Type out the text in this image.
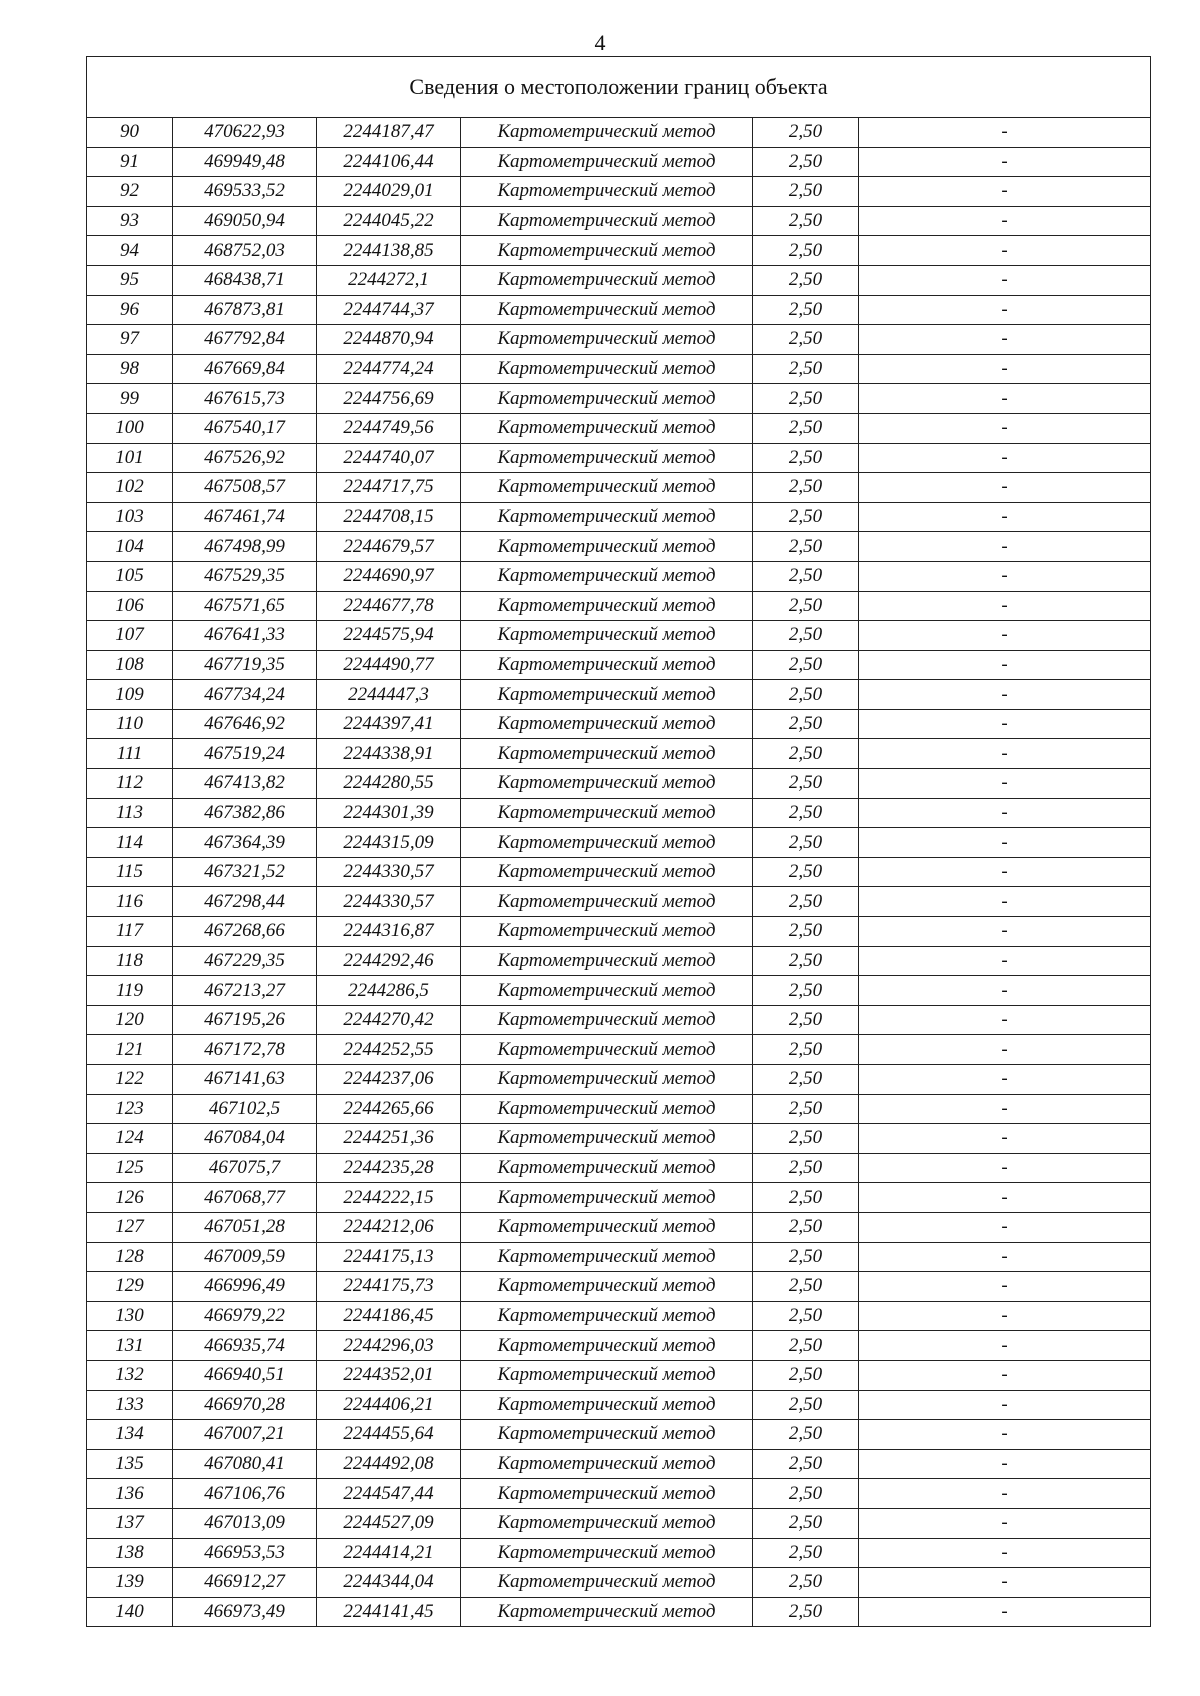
4
Сведения о местоположении границ объекта					
90	470622,93	2244187,47	Картометрический метод	2,50	-
91	469949,48	2244106,44	Картометрический метод	2,50	-
92	469533,52	2244029,01	Картометрический метод	2,50	-
93	469050,94	2244045,22	Картометрический метод	2,50	-
94	468752,03	2244138,85	Картометрический метод	2,50	-
95	468438,71	2244272,1	Картометрический метод	2,50	-
96	467873,81	2244744,37	Картометрический метод	2,50	-
97	467792,84	2244870,94	Картометрический метод	2,50	-
98	467669,84	2244774,24	Картометрический метод	2,50	-
99	467615,73	2244756,69	Картометрический метод	2,50	-
100	467540,17	2244749,56	Картометрический метод	2,50	-
101	467526,92	2244740,07	Картометрический метод	2,50	-
102	467508,57	2244717,75	Картометрический метод	2,50	-
103	467461,74	2244708,15	Картометрический метод	2,50	-
104	467498,99	2244679,57	Картометрический метод	2,50	-
105	467529,35	2244690,97	Картометрический метод	2,50	-
106	467571,65	2244677,78	Картометрический метод	2,50	-
107	467641,33	2244575,94	Картометрический метод	2,50	-
108	467719,35	2244490,77	Картометрический метод	2,50	-
109	467734,24	2244447,3	Картометрический метод	2,50	-
110	467646,92	2244397,41	Картометрический метод	2,50	-
111	467519,24	2244338,91	Картометрический метод	2,50	-
112	467413,82	2244280,55	Картометрический метод	2,50	-
113	467382,86	2244301,39	Картометрический метод	2,50	-
114	467364,39	2244315,09	Картометрический метод	2,50	-
115	467321,52	2244330,57	Картометрический метод	2,50	-
116	467298,44	2244330,57	Картометрический метод	2,50	-
117	467268,66	2244316,87	Картометрический метод	2,50	-
118	467229,35	2244292,46	Картометрический метод	2,50	-
119	467213,27	2244286,5	Картометрический метод	2,50	-
120	467195,26	2244270,42	Картометрический метод	2,50	-
121	467172,78	2244252,55	Картометрический метод	2,50	-
122	467141,63	2244237,06	Картометрический метод	2,50	-
123	467102,5	2244265,66	Картометрический метод	2,50	-
124	467084,04	2244251,36	Картометрический метод	2,50	-
125	467075,7	2244235,28	Картометрический метод	2,50	-
126	467068,77	2244222,15	Картометрический метод	2,50	-
127	467051,28	2244212,06	Картометрический метод	2,50	-
128	467009,59	2244175,13	Картометрический метод	2,50	-
129	466996,49	2244175,73	Картометрический метод	2,50	-
130	466979,22	2244186,45	Картометрический метод	2,50	-
131	466935,74	2244296,03	Картометрический метод	2,50	-
132	466940,51	2244352,01	Картометрический метод	2,50	-
133	466970,28	2244406,21	Картометрический метод	2,50	-
134	467007,21	2244455,64	Картометрический метод	2,50	-
135	467080,41	2244492,08	Картометрический метод	2,50	-
136	467106,76	2244547,44	Картометрический метод	2,50	-
137	467013,09	2244527,09	Картометрический метод	2,50	-
138	466953,53	2244414,21	Картометрический метод	2,50	-
139	466912,27	2244344,04	Картометрический метод	2,50	-
140	466973,49	2244141,45	Картометрический метод	2,50	-
